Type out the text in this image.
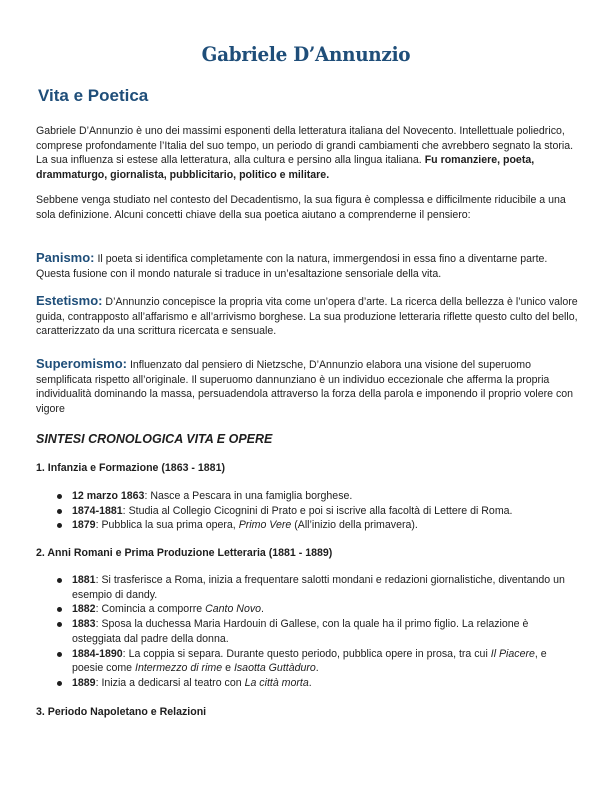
Gabriele D’Annunzio
Vita e Poetica

Gabriele D’Annunzio è uno dei massimi esponenti della letteratura italiana del Novecento. Intellettuale poliedrico, comprese profondamente l’Italia del suo tempo, un periodo di grandi cambiamenti che avrebbero segnato la storia. La sua influenza si estese alla letteratura, alla cultura e persino alla lingua italiana. Fu romanziere, poeta, drammaturgo, giornalista, pubblicitario, politico e militare.

Sebbene venga studiato nel contesto del Decadentismo, la sua figura è complessa e difficilmente riducibile a una sola definizione. Alcuni concetti chiave della sua poetica aiutano a comprenderne il pensiero:

Panismo: Il poeta si identifica completamente con la natura, immergendosi in essa fino a diventarne parte. Questa fusione con il mondo naturale si traduce in un’esaltazione sensoriale della vita.

Estetismo: D’Annunzio concepisce la propria vita come un’opera d’arte. La ricerca della bellezza è l’unico valore guida, contrapposto all’affarismo e all’arrivismo borghese. La sua produzione letteraria riflette questo culto del bello, caratterizzato da una scrittura ricercata e sensuale.

Superomismo: Influenzato dal pensiero di Nietzsche, D’Annunzio elabora una visione del superuomo semplificata rispetto all’originale. Il superuomo dannunziano è un individuo eccezionale che afferma la propria individualità dominando la massa, persuadendola attraverso la forza della parola e imponendo il proprio volere con vigore

SINTESI CRONOLOGICA VITA E OPERE

1. Infanzia e Formazione (1863 - 1881)

12 marzo 1863: Nasce a Pescara in una famiglia borghese.
1874-1881: Studia al Collegio Cicognini di Prato e poi si iscrive alla facoltà di Lettere di Roma.
1879: Pubblica la sua prima opera, Primo Vere (All’inizio della primavera).

2. Anni Romani e Prima Produzione Letteraria (1881 - 1889)

1881: Si trasferisce a Roma, inizia a frequentare salotti mondani e redazioni giornalistiche, diventando un esempio di dandy.
1882: Comincia a comporre Canto Novo.
1883: Sposa la duchessa Maria Hardouin di Gallese, con la quale ha il primo figlio. La relazione è osteggiata dal padre della donna.
1884-1890: La coppia si separa. Durante questo periodo, pubblica opere in prosa, tra cui Il Piacere, e poesie come Intermezzo di rime e Isaotta Guttàduro.
1889: Inizia a dedicarsi al teatro con La città morta.

3. Periodo Napoletano e Relazioni
